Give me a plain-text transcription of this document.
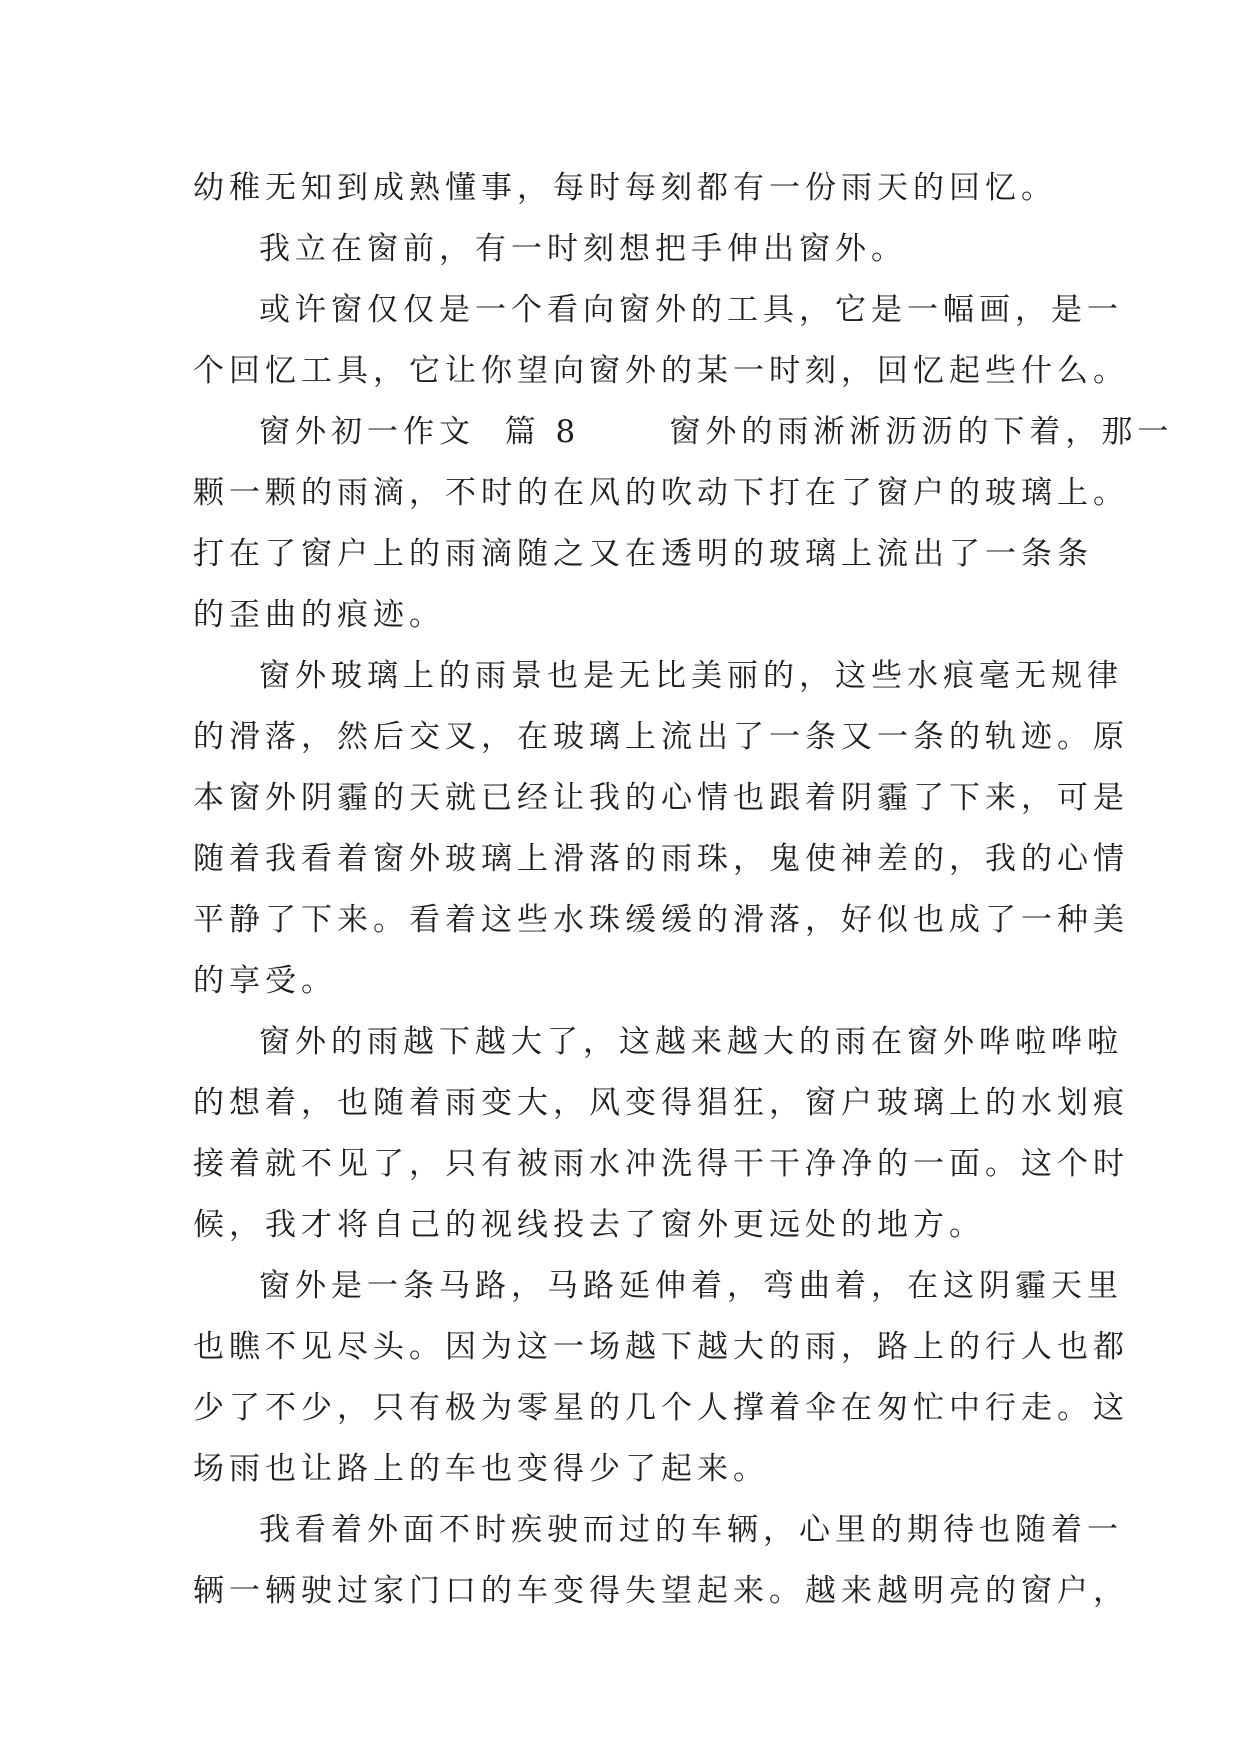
幼稚无知到成熟懂事，每时每刻都有一份雨天的回忆。
我立在窗前，有一时刻想把手伸出窗外。
或许窗仅仅是一个看向窗外的工具，它是一幅画，是一
个回忆工具，它让你望向窗外的某一时刻，回忆起些什么。
窗外初一作文  篇 8      窗外的雨淅淅沥沥的下着，那一
颗一颗的雨滴，不时的在风的吹动下打在了窗户的玻璃上。
打在了窗户上的雨滴随之又在透明的玻璃上流出了一条条
的歪曲的痕迹。
窗外玻璃上的雨景也是无比美丽的，这些水痕毫无规律
的滑落，然后交叉，在玻璃上流出了一条又一条的轨迹。原
本窗外阴霾的天就已经让我的心情也跟着阴霾了下来，可是
随着我看着窗外玻璃上滑落的雨珠，鬼使神差的，我的心情
平静了下来。看着这些水珠缓缓的滑落，好似也成了一种美
的享受。
窗外的雨越下越大了，这越来越大的雨在窗外哗啦哗啦
的想着，也随着雨变大，风变得猖狂，窗户玻璃上的水划痕
接着就不见了，只有被雨水冲洗得干干净净的一面。这个时
候，我才将自己的视线投去了窗外更远处的地方。
窗外是一条马路，马路延伸着，弯曲着，在这阴霾天里
也瞧不见尽头。因为这一场越下越大的雨，路上的行人也都
少了不少，只有极为零星的几个人撑着伞在匆忙中行走。这
场雨也让路上的车也变得少了起来。
我看着外面不时疾驶而过的车辆，心里的期待也随着一
辆一辆驶过家门口的车变得失望起来。越来越明亮的窗户，
